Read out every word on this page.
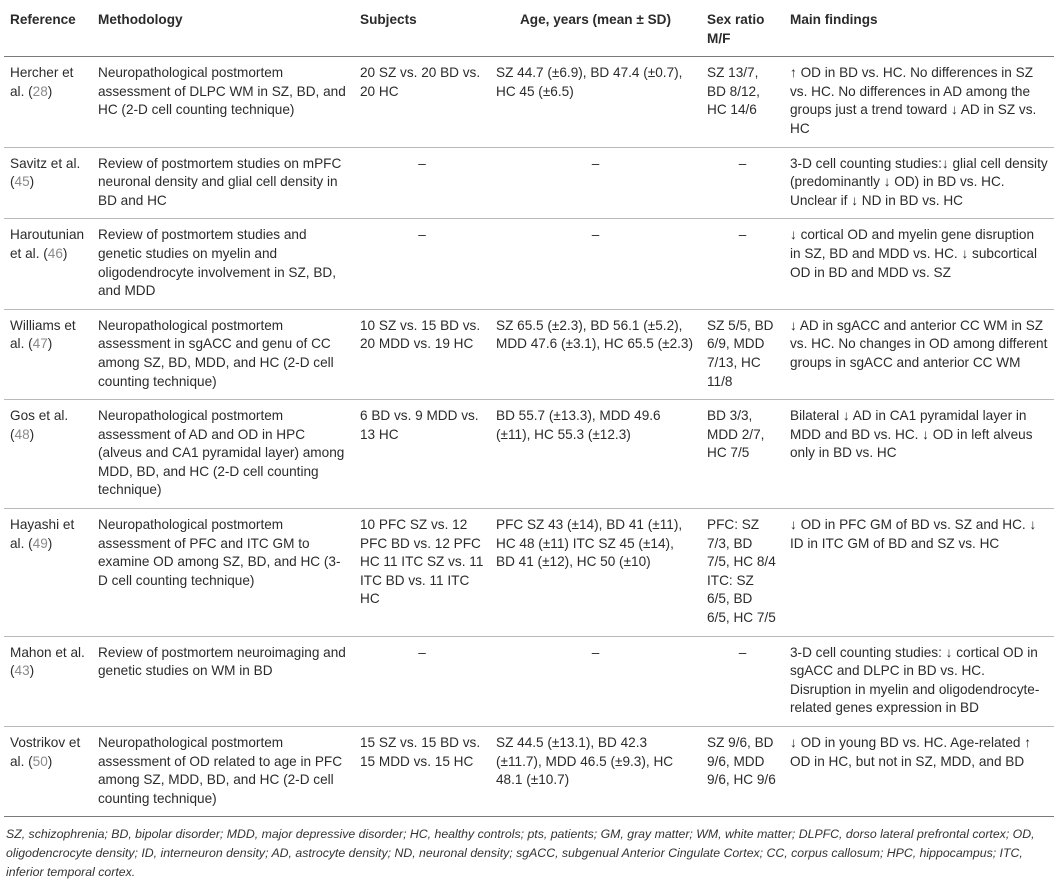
Reference	Methodology	Subjects	Age, years (mean ± SD)	Sex ratio M/F	Main findings
Hercher et al. (28)	Neuropathological postmortem assessment of DLPC WM in SZ, BD, and HC (2-D cell counting technique)	20 SZ vs. 20 BD vs. 20 HC	SZ 44.7 (±6.9), BD 47.4 (±0.7), HC 45 (±6.5)	SZ 13/7, BD 8/12, HC 14/6	↑ OD in BD vs. HC. No differences in SZ vs. HC. No differences in AD among the groups just a trend toward ↓ AD in SZ vs. HC
Savitz et al. (45)	Review of postmortem studies on mPFC neuronal density and glial cell density in BD and HC	–	–	–	3-D cell counting studies:↓ glial cell density (predominantly ↓ OD) in BD vs. HC. Unclear if ↓ ND in BD vs. HC
Haroutunian et al. (46)	Review of postmortem studies and genetic studies on myelin and oligodendrocyte involvement in SZ, BD, and MDD	–	–	–	↓ cortical OD and myelin gene disruption in SZ, BD and MDD vs. HC. ↓ subcortical OD in BD and MDD vs. SZ
Williams et al. (47)	Neuropathological postmortem assessment in sgACC and genu of CC among SZ, BD, MDD, and HC (2-D cell counting technique)	10 SZ vs. 15 BD vs. 20 MDD vs. 19 HC	SZ 65.5 (±2.3), BD 56.1 (±5.2), MDD 47.6 (±3.1), HC 65.5 (±2.3)	SZ 5/5, BD 6/9, MDD 7/13, HC 11/8	↓ AD in sgACC and anterior CC WM in SZ vs. HC. No changes in OD among different groups in sgACC and anterior CC WM
Gos et al. (48)	Neuropathological postmortem assessment of AD and OD in HPC (alveus and CA1 pyramidal layer) among MDD, BD, and HC (2-D cell counting technique)	6 BD vs. 9 MDD vs. 13 HC	BD 55.7 (±13.3), MDD 49.6 (±11), HC 55.3 (±12.3)	BD 3/3, MDD 2/7, HC 7/5	Bilateral ↓ AD in CA1 pyramidal layer in MDD and BD vs. HC. ↓ OD in left alveus only in BD vs. HC
Hayashi et al. (49)	Neuropathological postmortem assessment of PFC and ITC GM to examine OD among SZ, BD, and HC (3-D cell counting technique)	10 PFC SZ vs. 12 PFC BD vs. 12 PFC HC 11 ITC SZ vs. 11 ITC BD vs. 11 ITC HC	PFC SZ 43 (±14), BD 41 (±11), HC 48 (±11) ITC SZ 45 (±14), BD 41 (±12), HC 50 (±10)	PFC: SZ 7/3, BD 7/5, HC 8/4 ITC: SZ 6/5, BD 6/5, HC 7/5	↓ OD in PFC GM of BD vs. SZ and HC. ↓ ID in ITC GM of BD and SZ vs. HC
Mahon et al. (43)	Review of postmortem neuroimaging and genetic studies on WM in BD	–	–	–	3-D cell counting studies: ↓ cortical OD in sgACC and DLPC in BD vs. HC. Disruption in myelin and oligodendrocyte-related genes expression in BD
Vostrikov et al. (50)	Neuropathological postmortem assessment of OD related to age in PFC among SZ, MDD, BD, and HC (2-D cell counting technique)	15 SZ vs. 15 BD vs. 15 MDD vs. 15 HC	SZ 44.5 (±13.1), BD 42.3 (±11.7), MDD 46.5 (±9.3), HC 48.1 (±10.7)	SZ 9/6, BD 9/6, MDD 9/6, HC 9/6	↓ OD in young BD vs. HC. Age-related ↑ OD in HC, but not in SZ, MDD, and BD
SZ, schizophrenia; BD, bipolar disorder; MDD, major depressive disorder; HC, healthy controls; pts, patients; GM, gray matter; WM, white matter; DLPFC, dorso lateral prefrontal cortex; OD, oligodencrocyte density; ID, interneuron density; AD, astrocyte density; ND, neuronal density; sgACC, subgenual Anterior Cingulate Cortex; CC, corpus callosum; HPC, hippocampus; ITC, inferior temporal cortex.
